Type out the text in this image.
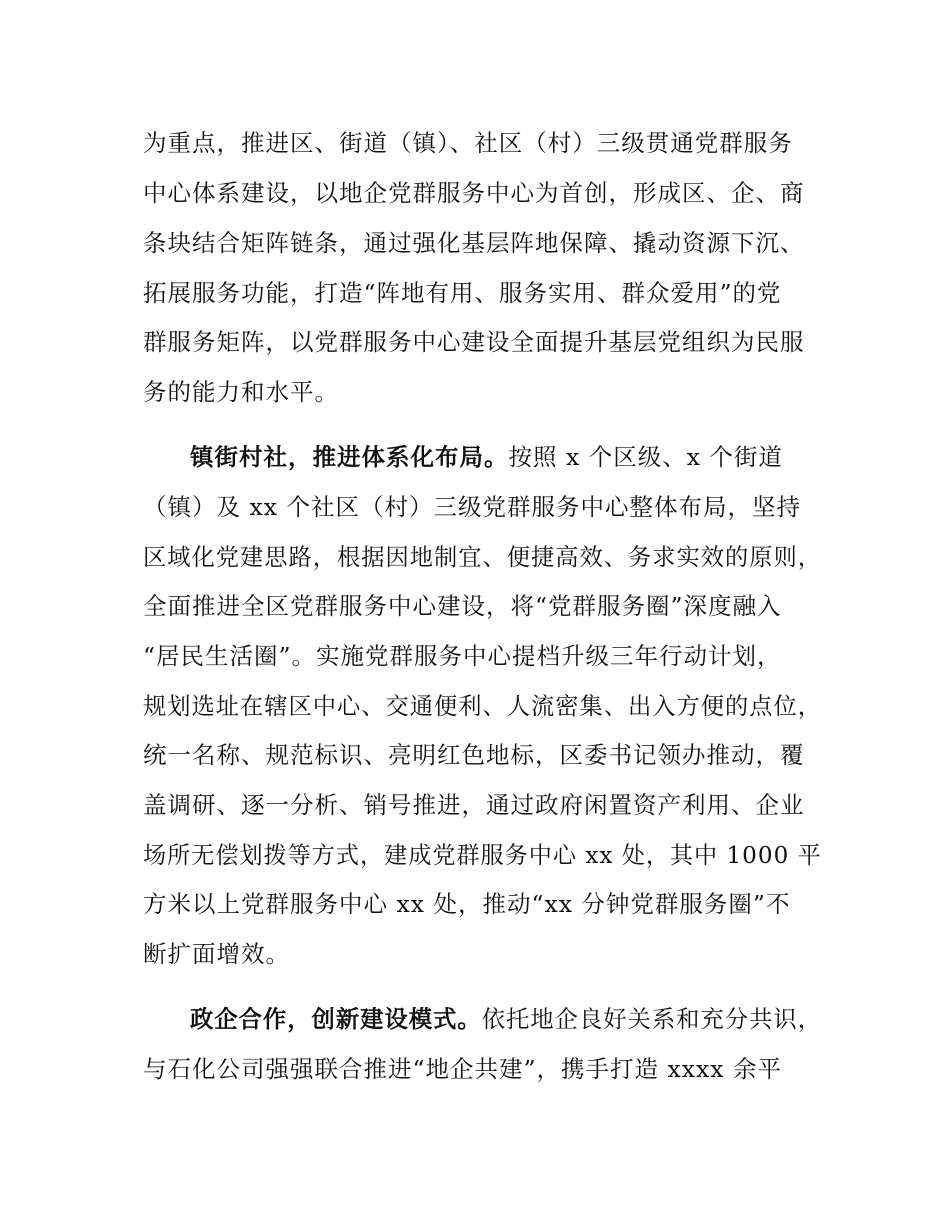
为重点，推进区、街道（镇）、社区（村）三级贯通党群服务
中心体系建设，以地企党群服务中心为首创，形成区、企、商
条块结合矩阵链条，通过强化基层阵地保障、撬动资源下沉、
拓展服务功能，打造“阵地有用、服务实用、群众爱用”的党
群服务矩阵，以党群服务中心建设全面提升基层党组织为民服
务的能力和水平。
镇街村社，推进体系化布局。按照 x 个区级、x 个街道
（镇）及 xx 个社区（村）三级党群服务中心整体布局，坚持
区域化党建思路，根据因地制宜、便捷高效、务求实效的原则，
全面推进全区党群服务中心建设，将“党群服务圈”深度融入
“居民生活圈”。实施党群服务中心提档升级三年行动计划，
规划选址在辖区中心、交通便利、人流密集、出入方便的点位，
统一名称、规范标识、亮明红色地标，区委书记领办推动，覆
盖调研、逐一分析、销号推进，通过政府闲置资产利用、企业
场所无偿划拨等方式，建成党群服务中心 xx 处，其中 1000 平
方米以上党群服务中心 xx 处，推动“xx 分钟党群服务圈”不
断扩面增效。
政企合作，创新建设模式。依托地企良好关系和充分共识，
与石化公司强强联合推进“地企共建”，携手打造 xxxx 余平
